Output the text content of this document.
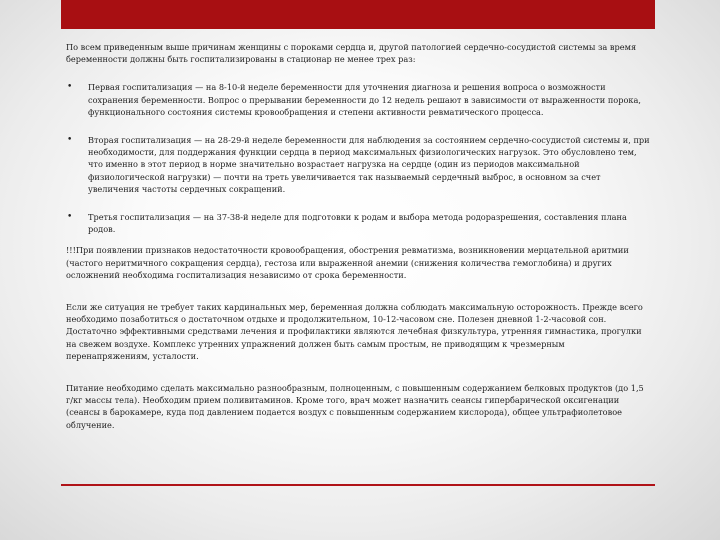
По всем приведенным выше причинам женщины с пороками сердца и, другой патологией сердечно-сосудистой системы за время беременности должны быть госпитализированы в стационар не менее трех раз:

• Первая госпитализация — на 8-10-й неделе беременности для уточнения диагноза и решения вопроса о возможности сохранения беременности. Вопрос о прерывании беременности до 12 недель решают в зависимости от выраженности порока, функционального состояния системы кровообращения и степени активности ревматического процесса.
• Вторая госпитализация — на 28-29-й неделе беременности для наблюдения за состоянием сердечно-сосудистой системы и, при необходимости, для поддержания функции сердца в период максимальных физиологических нагрузок. Это обусловлено тем, что именно в этот период в норме значительно возрастает нагрузка на сердце (один из периодов максимальной физиологической нагрузки) — почти на треть увеличивается так называемый сердечный выброс, в основном за счет увеличения частоты сердечных сокращений.
• Третья госпитализация — на 37-38-й неделе для подготовки к родам и выбора метода родоразрешения, составления плана родов.

!!!При появлении признаков недостаточности кровообращения, обострения ревматизма, возникновении мерцательной аритмии (частого неритмичного сокращения сердца), гестоза или выраженной анемии (снижения количества гемоглобина) и других осложнений необходима госпитализация независимо от срока беременности.

Если же ситуация не требует таких кардинальных мер, беременная должна соблюдать максимальную осторожность. Прежде всего необходимо позаботиться о достаточном отдыхе и продолжительном, 10-12-часовом сне. Полезен дневной 1-2-часовой сон. Достаточно эффективными средствами лечения и профилактики являются лечебная физкультура, утренняя гимнастика, прогулки на свежем воздухе. Комплекс утренних упражнений должен быть самым простым, не приводящим к чрезмерным перенапряжениям, усталости.

Питание необходимо сделать максимально разнообразным, полноценным, с повышенным содержанием белковых продуктов (до 1,5 г/кг массы тела). Необходим прием поливитаминов. Кроме того, врач может назначить сеансы гипербарической оксигенации (сеансы в барокамере, куда под давлением подается воздух с повышенным содержанием кислорода), общее ультрафиолетовое облучение.
